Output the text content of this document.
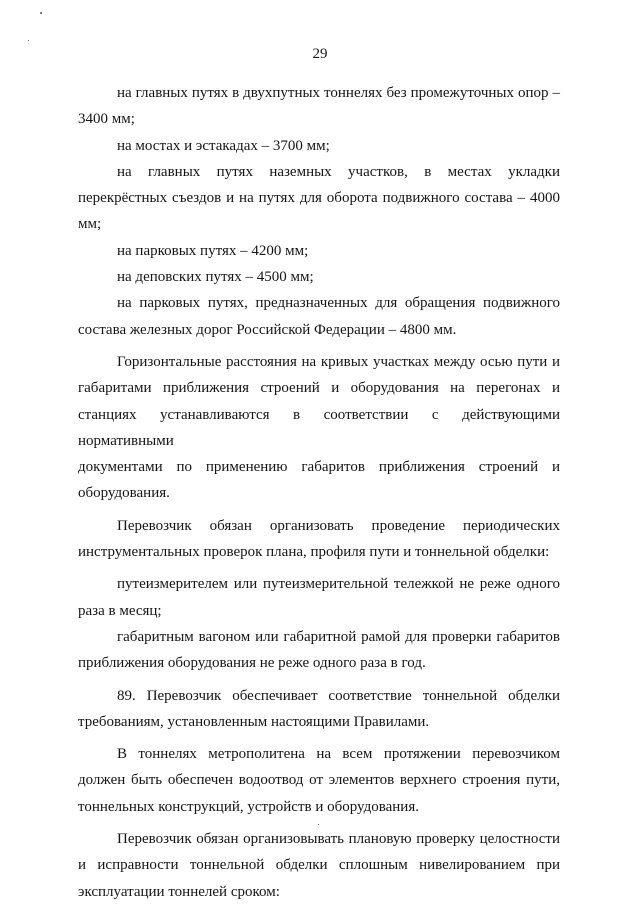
29
на главных путях в двухпутных тоннелях без промежуточных опор –
3400 мм;
на мостах и эстакадах – 3700 мм;
на главных путях наземных участков, в местах укладки
перекрёстных съездов и на путях для оборота подвижного состава – 4000
мм;
на парковых путях – 4200 мм;
на деповских путях – 4500 мм;
на парковых путях, предназначенных для обращения подвижного
состава железных дорог Российской Федерации – 4800 мм.
Горизонтальные расстояния на кривых участках между осью пути и
габаритами приближения строений и оборудования на перегонах и
станциях устанавливаются в соответствии с действующими нормативными
документами по применению габаритов приближения строений и
оборудования.
Перевозчик обязан организовать проведение периодических
инструментальных проверок плана, профиля пути и тоннельной обделки:
путеизмерителем или путеизмерительной тележкой не реже одного
раза в месяц;
габаритным вагоном или габаритной рамой для проверки габаритов
приближения оборудования не реже одного раза в год.
89. Перевозчик обеспечивает соответствие тоннельной обделки
требованиям, установленным настоящими Правилами.
В тоннелях метрополитена на всем протяжении перевозчиком
должен быть обеспечен водоотвод от элементов верхнего строения пути,
тоннельных конструкций, устройств и оборудования.
Перевозчик обязан организовывать плановую проверку целостности
и исправности тоннельной обделки сплошным нивелированием при
эксплуатации тоннелей сроком:
